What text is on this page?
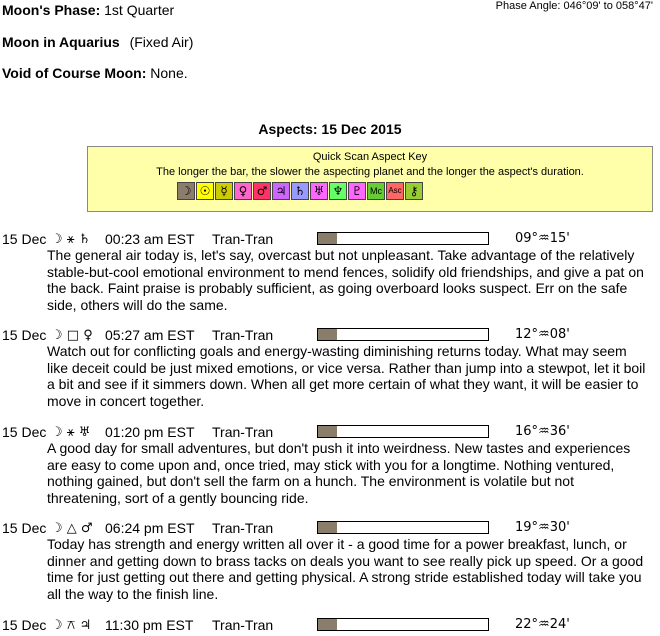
Moon's Phase: 1st Quarter	Phase Angle: 046°09' to 058°47'
Moon in Aquarius (Fixed Air)
Void of Course Moon: None.
Aspects: 15 Dec 2015
Quick Scan Aspect Key
The longer the bar, the slower the aspecting planet and the longer the aspect's duration.
☽ ☉ ☿ ♀ ♂ ♃ ♄ ♅ ♆ ♇ Mc Asc ⚷
15 Dec ☽ ⚹ ♄ 00:23 am EST Tran-Tran	09°♒15'
The general air today is, let's say, overcast but not unpleasant. Take advantage of the relatively stable-but-cool emotional environment to mend fences, solidify old friendships, and give a pat on the back. Faint praise is probably sufficient, as going overboard looks suspect. Err on the safe side, others will do the same.
15 Dec ☽ □ ♀ 05:27 am EST Tran-Tran	12°♒08'
Watch out for conflicting goals and energy-wasting diminishing returns today. What may seem like deceit could be just mixed emotions, or vice versa. Rather than jump into a stewpot, let it boil a bit and see if it simmers down. When all get more certain of what they want, it will be easier to move in concert together.
15 Dec ☽ ⚹ ♅ 01:20 pm EST Tran-Tran	16°♒36'
A good day for small adventures, but don't push it into weirdness. New tastes and experiences are easy to come upon and, once tried, may stick with you for a longtime. Nothing ventured, nothing gained, but don't sell the farm on a hunch. The environment is volatile but not threatening, sort of a gently bouncing ride.
15 Dec ☽ △ ♂ 06:24 pm EST Tran-Tran	19°♒30'
Today has strength and energy written all over it - a good time for a power breakfast, lunch, or dinner and getting down to brass tacks on deals you want to see really pick up speed. Or a good time for just getting out there and getting physical. A strong stride established today will take you all the way to the finish line.
15 Dec ☽ ⚻ ♃ 11:30 pm EST Tran-Tran	22°♒24'
